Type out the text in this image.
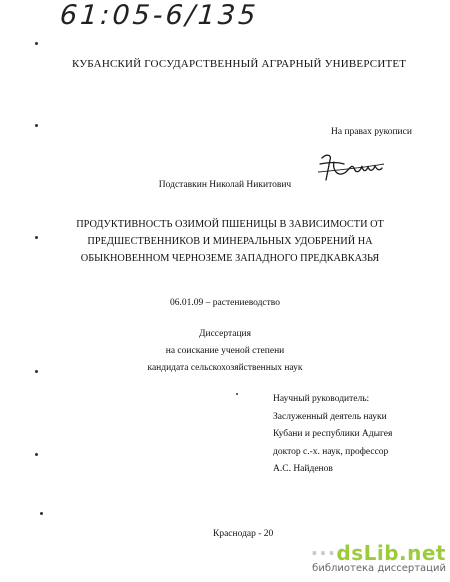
61:05-6/135
КУБАНСКИЙ ГОСУДАРСТВЕННЫЙ АГРАРНЫЙ УНИВЕРСИТЕТ
На правах рукописи
Подставкин Николай Никитович
ПРОДУКТИВНОСТЬ ОЗИМОЙ ПШЕНИЦЫ В ЗАВИСИМОСТИ ОТ
ПРЕДШЕСТВЕННИКОВ И МИНЕРАЛЬНЫХ УДОБРЕНИЙ НА
ОБЫКНОВЕННОМ ЧЕРНОЗЕМЕ ЗАПАДНОГО ПРЕДКАВКАЗЬЯ
06.01.09 – растениеводство
Диссертация
на соискание ученой степени
кандидата сельскохозяйственных наук
Научный руководитель:
Заслуженный деятель науки
Кубани и республики Адыгея
доктор с.-х. наук, профессор
А.С. Найденов
Краснодар - 20
···dsLib.net
библиотека диссертаций
